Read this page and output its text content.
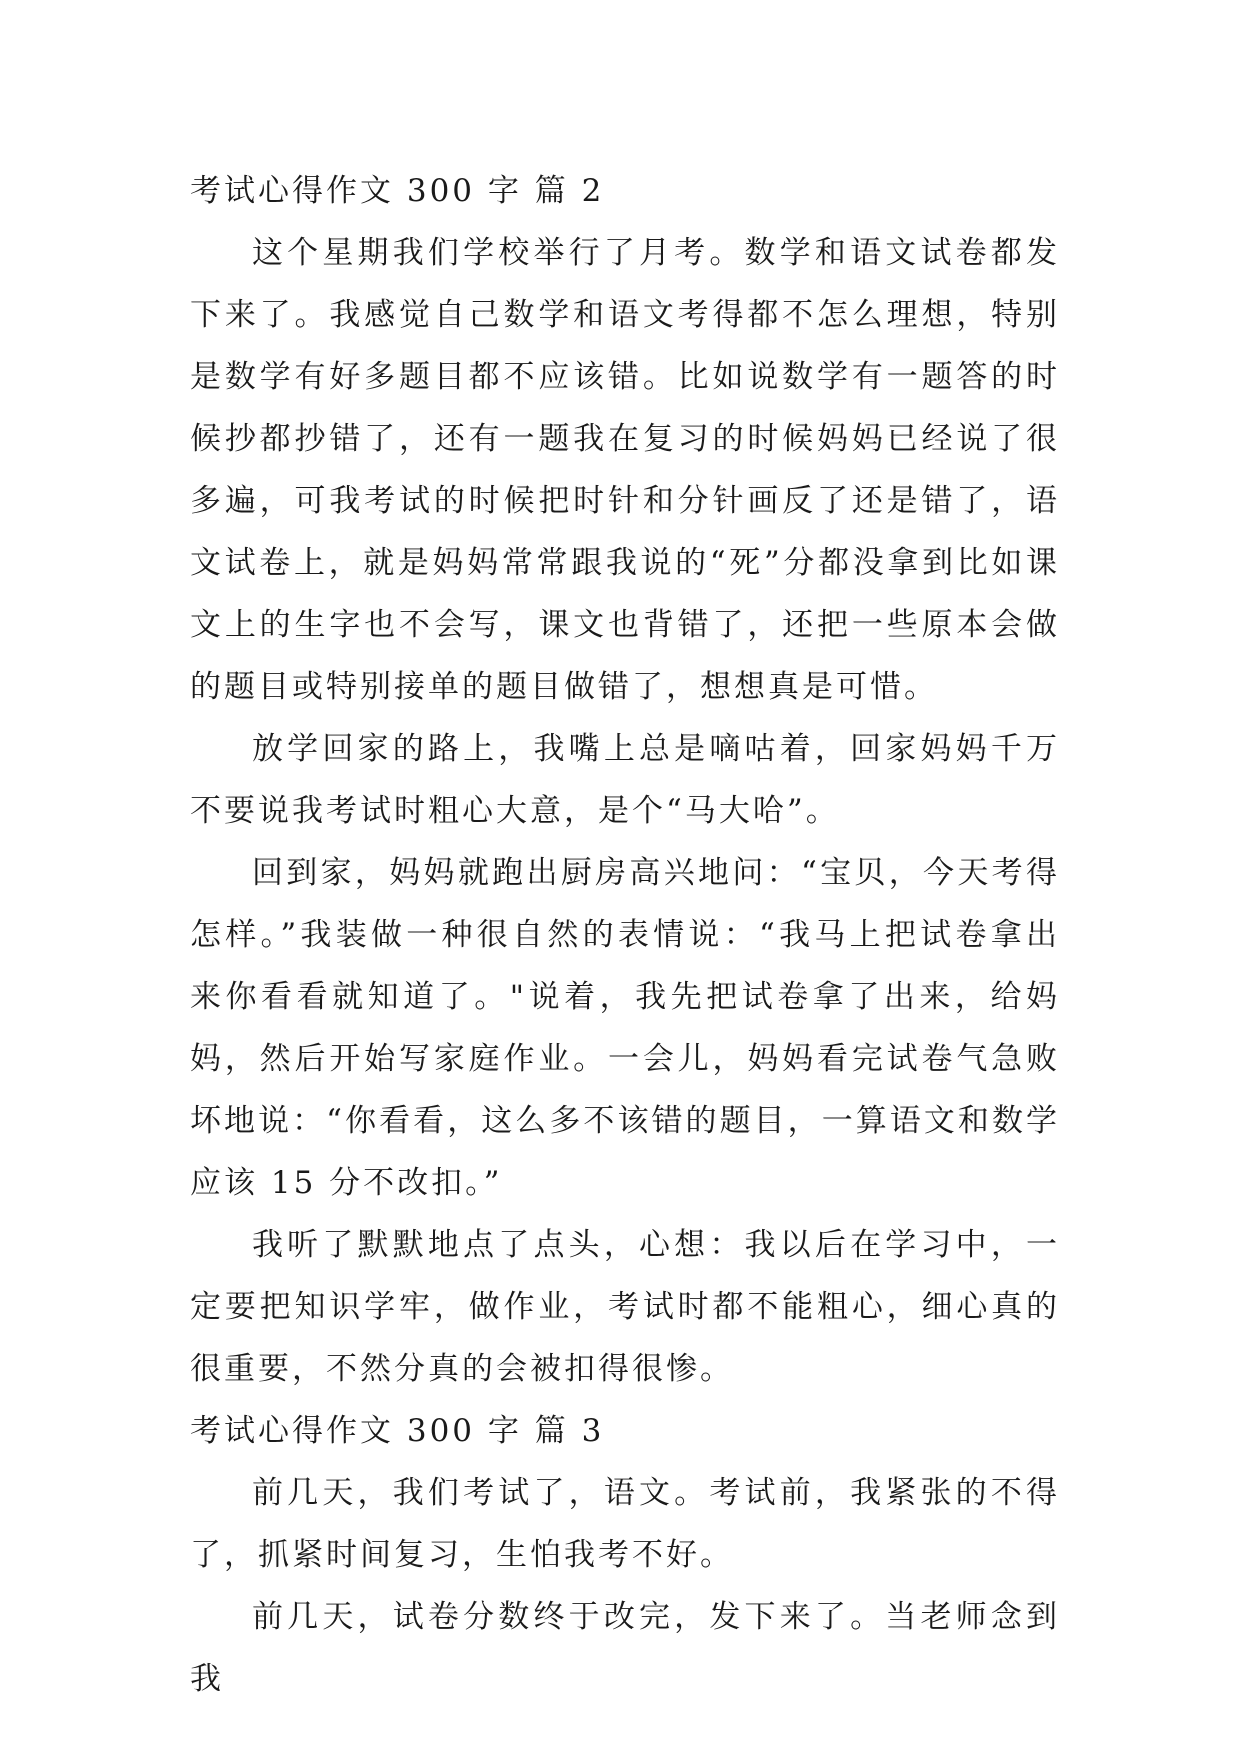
考试心得作文 300 字 篇 2

这个星期我们学校举行了月考。数学和语文试卷都发下来了。我感觉自己数学和语文考得都不怎么理想，特别是数学有好多题目都不应该错。比如说数学有一题答的时候抄都抄错了，还有一题我在复习的时候妈妈已经说了很多遍，可我考试的时候把时针和分针画反了还是错了，语文试卷上，就是妈妈常常跟我说的“死”分都没拿到比如课文上的生字也不会写，课文也背错了，还把一些原本会做的题目或特别接单的题目做错了，想想真是可惜。

放学回家的路上，我嘴上总是嘀咕着，回家妈妈千万不要说我考试时粗心大意，是个“马大哈”。

回到家，妈妈就跑出厨房高兴地问：“宝贝，今天考得怎样。”我装做一种很自然的表情说：“我马上把试卷拿出来你看看就知道了。"说着，我先把试卷拿了出来，给妈妈，然后开始写家庭作业。一会儿，妈妈看完试卷气急败坏地说：“你看看，这么多不该错的题目，一算语文和数学应该 15 分不改扣。”

我听了默默地点了点头，心想：我以后在学习中，一定要把知识学牢，做作业，考试时都不能粗心，细心真的很重要，不然分真的会被扣得很惨。

考试心得作文 300 字 篇 3

前几天，我们考试了，语文。考试前，我紧张的不得了，抓紧时间复习，生怕我考不好。

前几天，试卷分数终于改完，发下来了。当老师念到我
